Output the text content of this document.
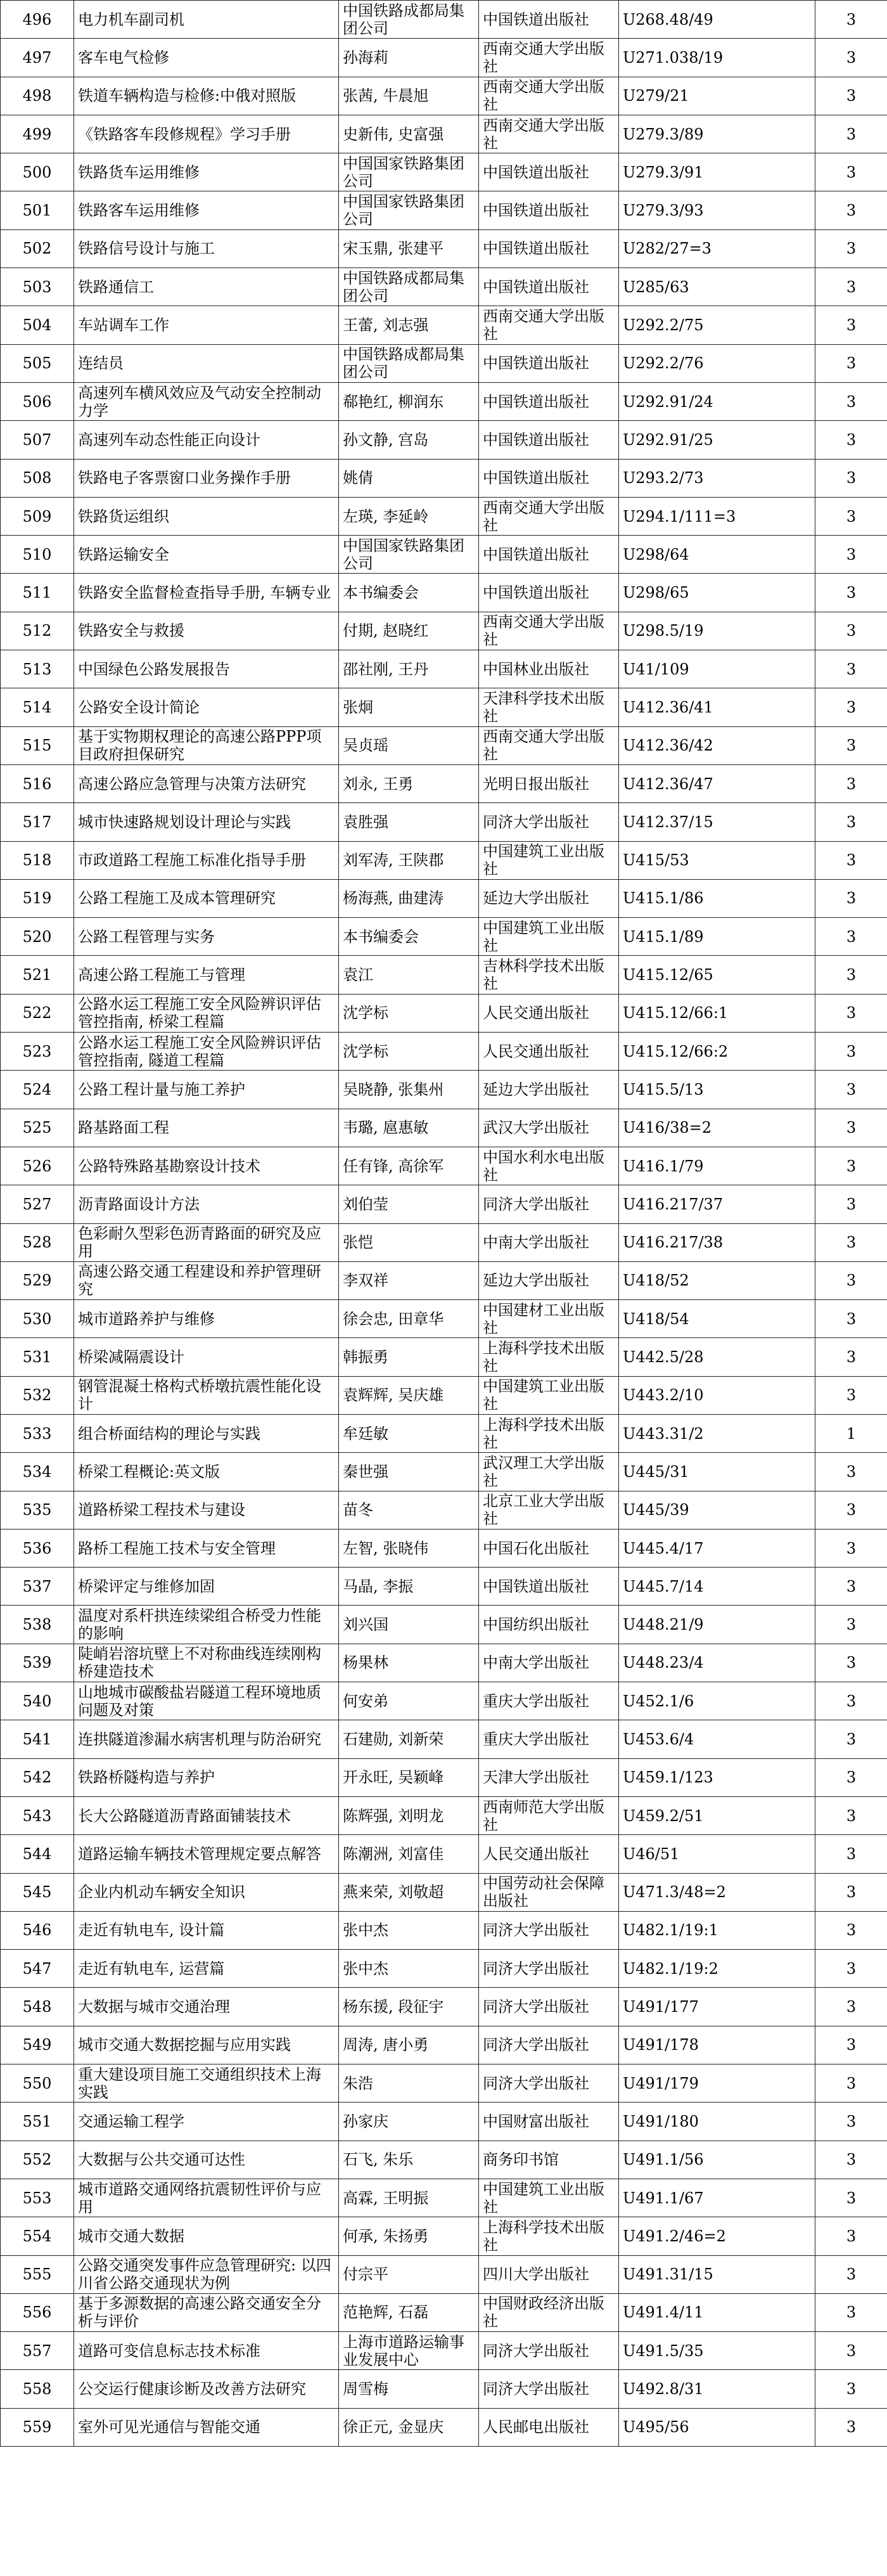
496	电力机车副司机	中国铁路成都局集团公司	中国铁道出版社	U268.48/49	3
497	客车电气检修	孙海莉	西南交通大学出版社	U271.038/19	3
498	铁道车辆构造与检修:中俄对照版	张茜, 牛晨旭	西南交通大学出版社	U279/21	3
499	《铁路客车段修规程》学习手册	史新伟, 史富强	西南交通大学出版社	U279.3/89	3
500	铁路货车运用维修	中国国家铁路集团公司	中国铁道出版社	U279.3/91	3
501	铁路客车运用维修	中国国家铁路集团公司	中国铁道出版社	U279.3/93	3
502	铁路信号设计与施工	宋玉鼎, 张建平	中国铁道出版社	U282/27=3	3
503	铁路通信工	中国铁路成都局集团公司	中国铁道出版社	U285/63	3
504	车站调车工作	王蕾, 刘志强	西南交通大学出版社	U292.2/75	3
505	连结员	中国铁路成都局集团公司	中国铁道出版社	U292.2/76	3
506	高速列车横风效应及气动安全控制动力学	郗艳红, 柳润东	中国铁道出版社	U292.91/24	3
507	高速列车动态性能正向设计	孙文静, 宫岛	中国铁道出版社	U292.91/25	3
508	铁路电子客票窗口业务操作手册	姚倩	中国铁道出版社	U293.2/73	3
509	铁路货运组织	左瑛, 李延岭	西南交通大学出版社	U294.1/111=3	3
510	铁路运输安全	中国国家铁路集团公司	中国铁道出版社	U298/64	3
511	铁路安全监督检查指导手册, 车辆专业	本书编委会	中国铁道出版社	U298/65	3
512	铁路安全与救援	付期, 赵晓红	西南交通大学出版社	U298.5/19	3
513	中国绿色公路发展报告	邵社刚, 王丹	中国林业出版社	U41/109	3
514	公路安全设计简论	张炯	天津科学技术出版社	U412.36/41	3
515	基于实物期权理论的高速公路PPP项目政府担保研究	吴贞瑶	西南交通大学出版社	U412.36/42	3
516	高速公路应急管理与决策方法研究	刘永, 王勇	光明日报出版社	U412.36/47	3
517	城市快速路规划设计理论与实践	袁胜强	同济大学出版社	U412.37/15	3
518	市政道路工程施工标准化指导手册	刘军涛, 王陕郡	中国建筑工业出版社	U415/53	3
519	公路工程施工及成本管理研究	杨海燕, 曲建涛	延边大学出版社	U415.1/86	3
520	公路工程管理与实务	本书编委会	中国建筑工业出版社	U415.1/89	3
521	高速公路工程施工与管理	袁江	吉林科学技术出版社	U415.12/65	3
522	公路水运工程施工安全风险辨识评估管控指南, 桥梁工程篇	沈学标	人民交通出版社	U415.12/66:1	3
523	公路水运工程施工安全风险辨识评估管控指南, 隧道工程篇	沈学标	人民交通出版社	U415.12/66:2	3
524	公路工程计量与施工养护	吴晓静, 张集州	延边大学出版社	U415.5/13	3
525	路基路面工程	韦璐, 扈惠敏	武汉大学出版社	U416/38=2	3
526	公路特殊路基勘察设计技术	任有锋, 高徐军	中国水利水电出版社	U416.1/79	3
527	沥青路面设计方法	刘伯莹	同济大学出版社	U416.217/37	3
528	色彩耐久型彩色沥青路面的研究及应用	张恺	中南大学出版社	U416.217/38	3
529	高速公路交通工程建设和养护管理研究	李双祥	延边大学出版社	U418/52	3
530	城市道路养护与维修	徐会忠, 田章华	中国建材工业出版社	U418/54	3
531	桥梁减隔震设计	韩振勇	上海科学技术出版社	U442.5/28	3
532	钢管混凝土格构式桥墩抗震性能化设计	袁辉辉, 吴庆雄	中国建筑工业出版社	U443.2/10	3
533	组合桥面结构的理论与实践	牟廷敏	上海科学技术出版社	U443.31/2	1
534	桥梁工程概论:英文版	秦世强	武汉理工大学出版社	U445/31	3
535	道路桥梁工程技术与建设	苗冬	北京工业大学出版社	U445/39	3
536	路桥工程施工技术与安全管理	左智, 张晓伟	中国石化出版社	U445.4/17	3
537	桥梁评定与维修加固	马晶, 李振	中国铁道出版社	U445.7/14	3
538	温度对系杆拱连续梁组合桥受力性能的影响	刘兴国	中国纺织出版社	U448.21/9	3
539	陡峭岩溶坑壁上不对称曲线连续刚构桥建造技术	杨果林	中南大学出版社	U448.23/4	3
540	山地城市碳酸盐岩隧道工程环境地质问题及对策	何安弟	重庆大学出版社	U452.1/6	3
541	连拱隧道渗漏水病害机理与防治研究	石建勋, 刘新荣	重庆大学出版社	U453.6/4	3
542	铁路桥隧构造与养护	开永旺, 吴颖峰	天津大学出版社	U459.1/123	3
543	长大公路隧道沥青路面铺装技术	陈辉强, 刘明龙	西南师范大学出版社	U459.2/51	3
544	道路运输车辆技术管理规定要点解答	陈潮洲, 刘富佳	人民交通出版社	U46/51	3
545	企业内机动车辆安全知识	燕来荣, 刘敬超	中国劳动社会保障出版社	U471.3/48=2	3
546	走近有轨电车, 设计篇	张中杰	同济大学出版社	U482.1/19:1	3
547	走近有轨电车, 运营篇	张中杰	同济大学出版社	U482.1/19:2	3
548	大数据与城市交通治理	杨东援, 段征宇	同济大学出版社	U491/177	3
549	城市交通大数据挖掘与应用实践	周涛, 唐小勇	同济大学出版社	U491/178	3
550	重大建设项目施工交通组织技术上海实践	朱浩	同济大学出版社	U491/179	3
551	交通运输工程学	孙家庆	中国财富出版社	U491/180	3
552	大数据与公共交通可达性	石飞, 朱乐	商务印书馆	U491.1/56	3
553	城市道路交通网络抗震韧性评价与应用	高霖, 王明振	中国建筑工业出版社	U491.1/67	3
554	城市交通大数据	何承, 朱扬勇	上海科学技术出版社	U491.2/46=2	3
555	公路交通突发事件应急管理研究: 以四川省公路交通现状为例	付宗平	四川大学出版社	U491.31/15	3
556	基于多源数据的高速公路交通安全分析与评价	范艳辉, 石磊	中国财政经济出版社	U491.4/11	3
557	道路可变信息标志技术标准	上海市道路运输事业发展中心	同济大学出版社	U491.5/35	3
558	公交运行健康诊断及改善方法研究	周雪梅	同济大学出版社	U492.8/31	3
559	室外可见光通信与智能交通	徐正元, 金显庆	人民邮电出版社	U495/56	3
